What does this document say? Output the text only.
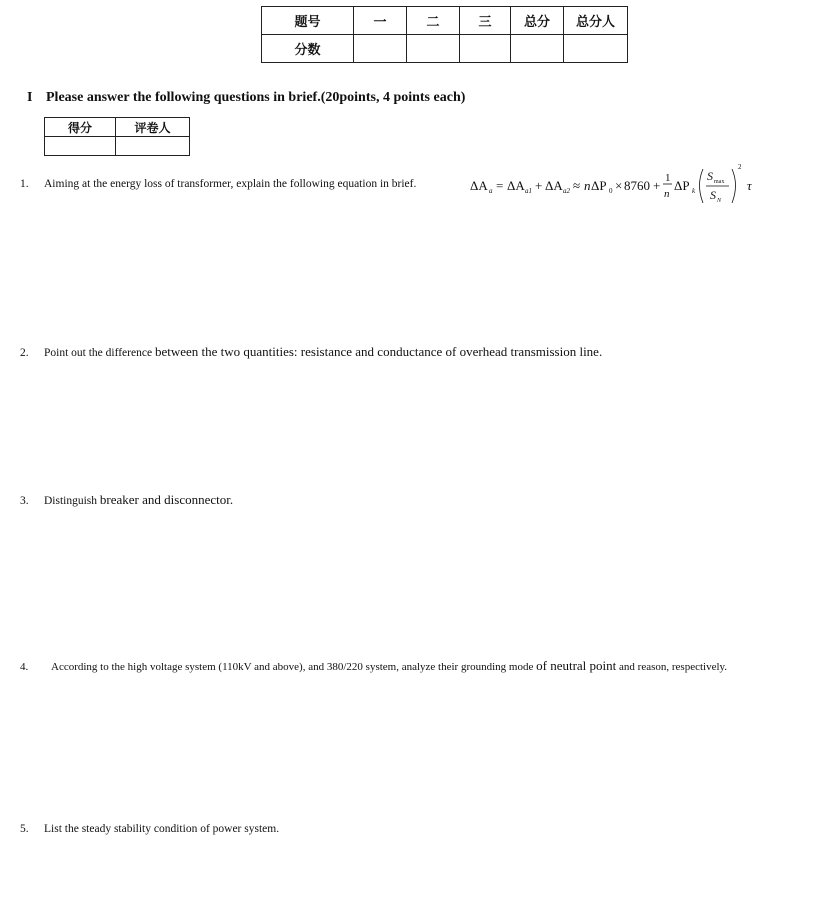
题号	一	二	三	总分	总分人
分数					
I Please answer the following questions in brief.(20points, 4 points each)
得分	评卷人

1. Aiming at the energy loss of transformer, explain the following equation in brief.	ΔA a = ΔA a1 + ΔA a2 ≈ n ΔP 0 × 8760 + 1
n
ΔP k
S max
S N
2
τ
2. Point out the difference between the two quantities: resistance and conductance of overhead transmission line.
3. Distinguish breaker and disconnector.
4. According to the high voltage system (110kV and above), and 380/220 system, analyze their grounding mode of neutral point and reason, respectively.
5. List the steady stability condition of power system.
